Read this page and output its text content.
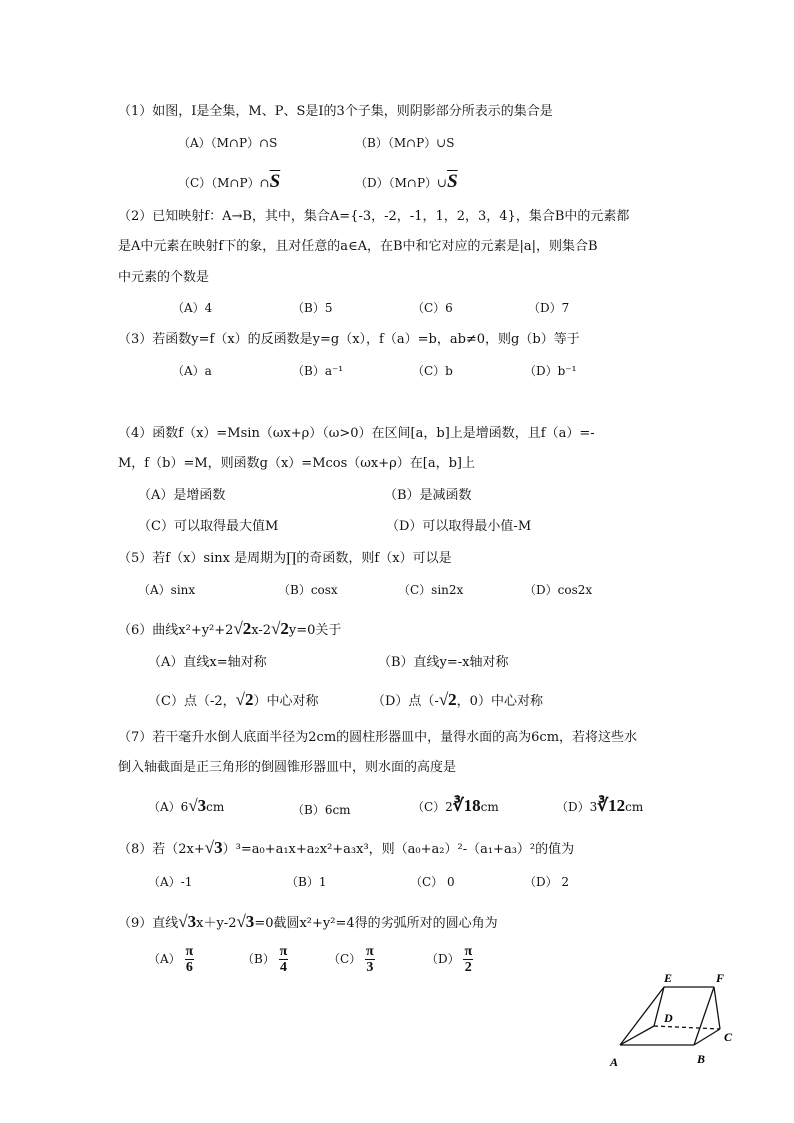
（1）如图，I是全集，M、P、S是I的3个子集，则阴影部分所表示的集合是
（A）（M∩P）∩S	（B）（M∩P）∪S
$(C)(M\cap P)\cap\overline{S}$	$(D)(M\cap P)\cup\overline{S}$
（2）已知映射f：A→B，其中，集合A={-3，-2，-1，1，2，3，4}，集合B中的元素都
是A中元素在映射f下的象，且对任意的a∈A，在B中和它对应的元素是|a|，则集合B
中元素的个数是
（A）4	（B）5	（C）6	（D）7
（3）若函数y=f（x）的反函数是y=g（x），f（a）=b，ab≠0，则g（b）等于
（A）a	（B）a⁻¹	（C）b	（D）b⁻¹
（4）函数f（x）=Msin（ωx+ρ）（ω>0）在区间[a，b]上是增函数，且f（a）=-
M，f（b）=M，则函数g（x）=Mcos（ωx+ρ）在[a，b]上
（A）是增函数	（B）是减函数
（C）可以取得最大值M	（D）可以取得最小值-M
（5）若f（x）sinx 是周期为∏的奇函数，则f（x）可以是
（A）sinx	（B）cosx	（C）sin2x	（D）cos2x
（6）曲线x²+y²+2√2x-2√2y=0关于
（A）直线x=轴对称	（B）直线y=-x轴对称
（C）点（-2，√2）中心对称	（D）点（-√2，0）中心对称
（7）若干毫升水倒人底面半径为2cm的圆柱形器皿中，量得水面的高为6cm，若将这些水
倒入轴截面是正三角形的倒圆锥形器皿中，则水面的高度是
（A）6√3cm	（B）6cm	（C）2∛18cm	（D）3∛12cm
（8）若（2x+√3）³=a₀+a₁x+a₂x²+a₃x³，则（a₀+a₂）²-（a₁+a₃）²的值为
（A）-1	（B）1	（C） 0	（D） 2
（9）直线√3x＋y-2√3=0截圆x²+y²=4得的劣弧所对的圆心角为
$(A) \frac{\pi}{6}$	$(B) \frac{\pi}{4}$	$(C) \frac{\pi}{3}$	$(D) \frac{\pi}{2}$
A	B
C
D
E	F
